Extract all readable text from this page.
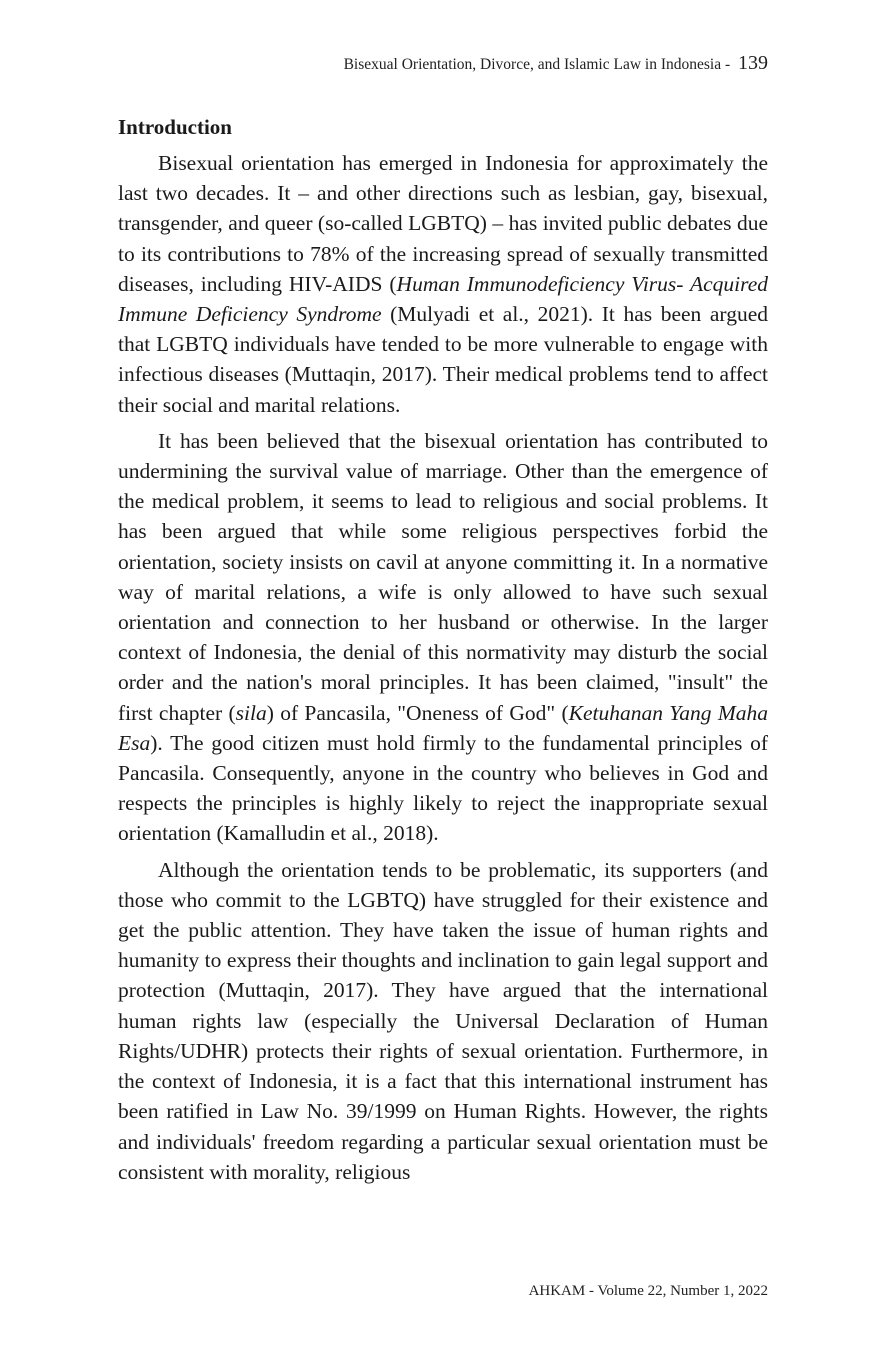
Bisexual Orientation, Divorce, and Islamic Law in Indonesia - 139
Introduction

Bisexual orientation has emerged in Indonesia for approximately the last two decades. It – and other directions such as lesbian, gay, bisexual, transgender, and queer (so-called LGBTQ) – has invited public debates due to its contributions to 78% of the increasing spread of sexually transmitted diseases, including HIV-AIDS (Human Immunodeficiency Virus- Acquired Immune Deficiency Syndrome (Mulyadi et al., 2021). It has been argued that LGBTQ individuals have tended to be more vulnerable to engage with infectious diseases (Muttaqin, 2017). Their medical problems tend to affect their social and marital relations.

It has been believed that the bisexual orientation has contributed to undermining the survival value of marriage. Other than the emergence of the medical problem, it seems to lead to religious and social problems. It has been argued that while some religious perspectives forbid the orientation, society insists on cavil at anyone committing it. In a normative way of marital relations, a wife is only allowed to have such sexual orientation and connection to her husband or otherwise. In the larger context of Indonesia, the denial of this normativity may disturb the social order and the nation's moral principles. It has been claimed, "insult" the first chapter (sila) of Pancasila, "Oneness of God" (Ketuhanan Yang Maha Esa). The good citizen must hold firmly to the fundamental principles of Pancasila. Consequently, anyone in the country who believes in God and respects the principles is highly likely to reject the inappropriate sexual orientation (Kamalludin et al., 2018).

Although the orientation tends to be problematic, its supporters (and those who commit to the LGBTQ) have struggled for their existence and get the public attention. They have taken the issue of human rights and humanity to express their thoughts and inclination to gain legal support and protection (Muttaqin, 2017). They have argued that the international human rights law (especially the Universal Declaration of Human Rights/UDHR) protects their rights of sexual orientation. Furthermore, in the context of Indonesia, it is a fact that this international instrument has been ratified in Law No. 39/1999 on Human Rights. However, the rights and individuals' freedom regarding a particular sexual orientation must be consistent with morality, religious

AHKAM - Volume 22, Number 1, 2022
